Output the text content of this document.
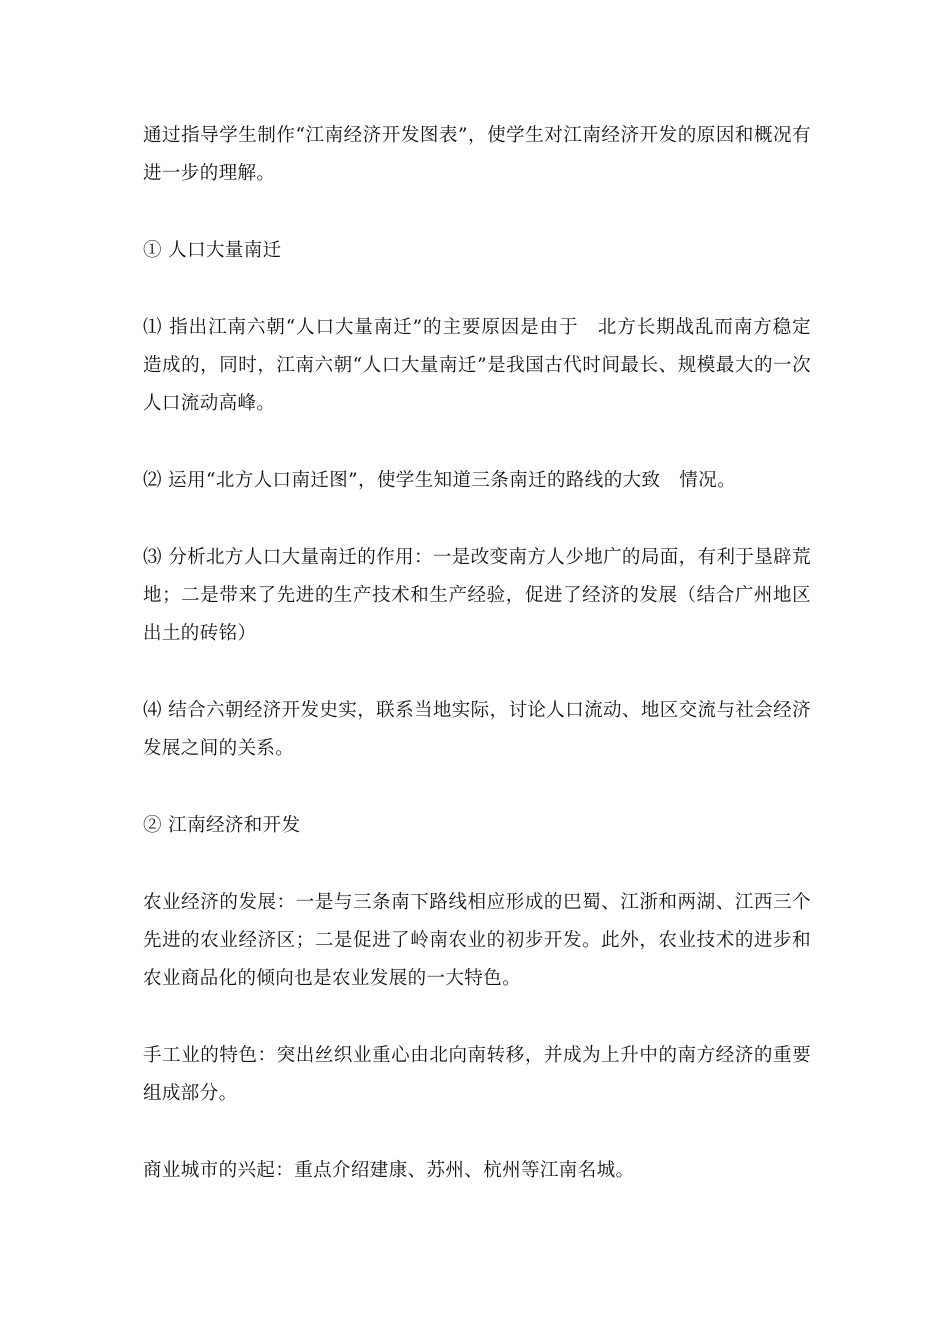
通过指导学生制作“江南经济开发图表”，使学生对江南经济开发的原因和概况有进一步的理解。

① 人口大量南迁

⑴ 指出江南六朝“人口大量南迁”的主要原因是由于　北方长期战乱而南方稳定造成的，同时，江南六朝“人口大量南迁”是我国古代时间最长、规模最大的一次人口流动高峰。

⑵ 运用“北方人口南迁图”，使学生知道三条南迁的路线的大致　情况。

⑶ 分析北方人口大量南迁的作用：一是改变南方人少地广的局面，有利于垦辟荒地；二是带来了先进的生产技术和生产经验，促进了经济的发展（结合广州地区出土的砖铭）

⑷ 结合六朝经济开发史实，联系当地实际，讨论人口流动、地区交流与社会经济发展之间的关系。

② 江南经济和开发

农业经济的发展：一是与三条南下路线相应形成的巴蜀、江浙和两湖、江西三个先进的农业经济区；二是促进了岭南农业的初步开发。此外，农业技术的进步和农业商品化的倾向也是农业发展的一大特色。

手工业的特色：突出丝织业重心由北向南转移，并成为上升中的南方经济的重要组成部分。

商业城市的兴起：重点介绍建康、苏州、杭州等江南名城。
